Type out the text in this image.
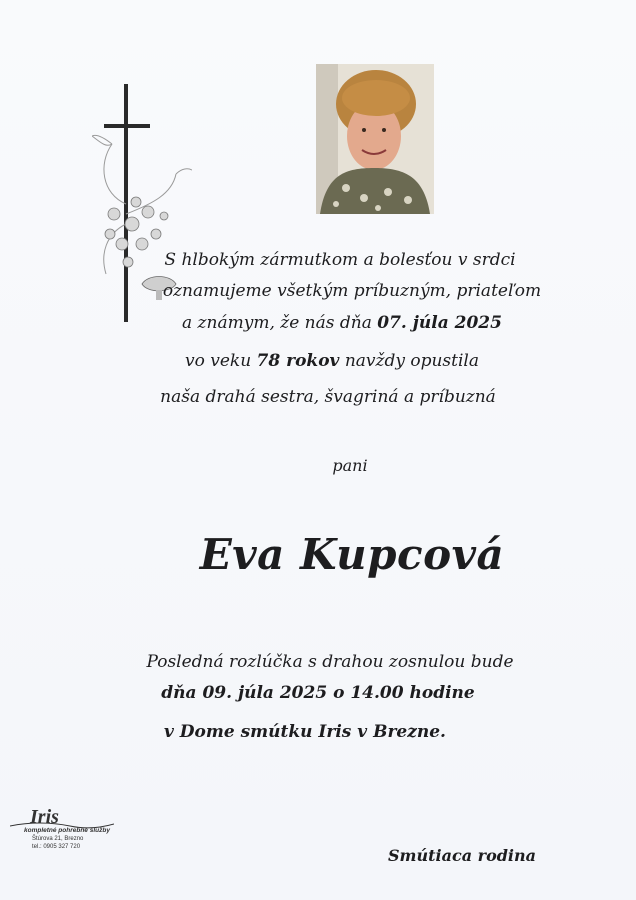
S hlbokým zármutkom a bolesťou v srdci
oznamujeme všetkým príbuzným, priateľom
a známym, že nás dňa 07. júla 2025
vo veku 78 rokov navždy opustila
naša drahá sestra, švagriná a príbuzná
pani
Eva Kupcová
Posledná rozlúčka s drahou zosnulou bude
dňa 09. júla 2025 o 14.00 hodine
v Dome smútku Iris v Brezne.
Iris
kompletné pohrebné služby
Štúrova 21, Brezno
tel.: 0905 327 720	Smútiaca rodina
